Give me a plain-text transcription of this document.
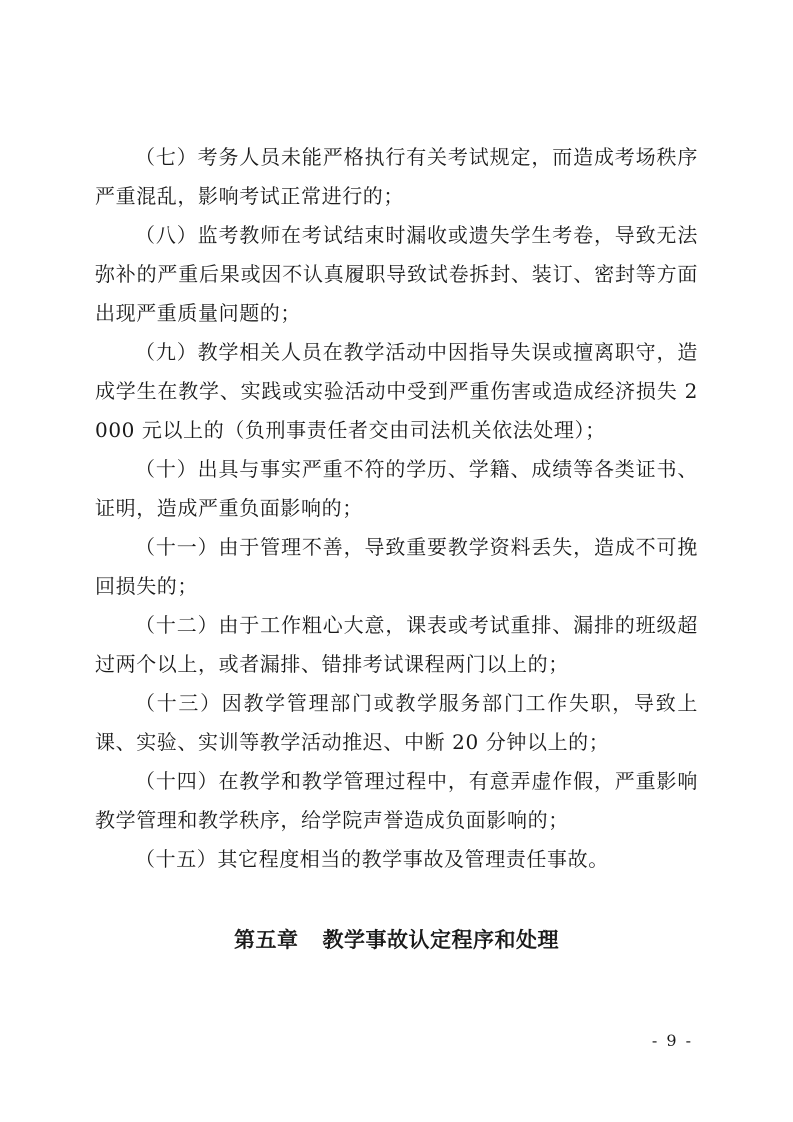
（七）考务人员未能严格执行有关考试规定，而造成考场秩序严重混乱，影响考试正常进行的；

（八）监考教师在考试结束时漏收或遗失学生考卷，导致无法弥补的严重后果或因不认真履职导致试卷拆封、装订、密封等方面出现严重质量问题的；

（九）教学相关人员在教学活动中因指导失误或擅离职守，造成学生在教学、实践或实验活动中受到严重伤害或造成经济损失 2000 元以上的（负刑事责任者交由司法机关依法处理）；

（十）出具与事实严重不符的学历、学籍、成绩等各类证书、证明，造成严重负面影响的；

（十一）由于管理不善，导致重要教学资料丢失，造成不可挽回损失的；

（十二）由于工作粗心大意，课表或考试重排、漏排的班级超过两个以上，或者漏排、错排考试课程两门以上的；

（十三）因教学管理部门或教学服务部门工作失职，导致上课、实验、实训等教学活动推迟、中断 20 分钟以上的；

（十四）在教学和教学管理过程中，有意弄虚作假，严重影响教学管理和教学秩序，给学院声誉造成负面影响的；

（十五）其它程度相当的教学事故及管理责任事故。

第五章 教学事故认定程序和处理
- 9 -
